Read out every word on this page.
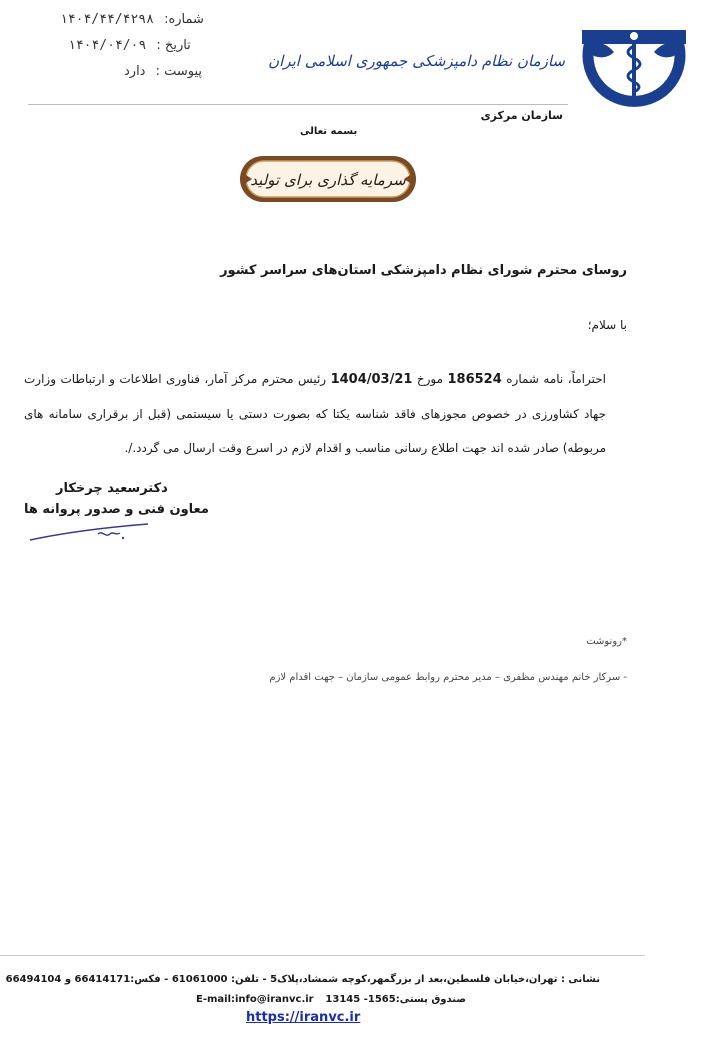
شماره: ۱۴۰۴/۴۴/۴۲۹۸
تاریخ : ۱۴۰۴/۰۴/۰۹
پیوست : دارد
سازمان نظام دامپزشکی جمهوری اسلامی ایران
سازمان مرکزی
بسمه تعالی
سرمایه گذاری برای تولید
روسای محترم شورای نظام دامپزشکی استان‌های سراسر کشور
با سلام؛
احتراماً، نامه شماره 186524 مورخ 1404/03/21 رئیس محترم مرکز آمار، فناوری اطلاعات و ارتباطات وزارت جهاد کشاورزی در خصوص مجوزهای فاقد شناسه یکتا که بصورت دستی یا سیستمی (قبل از برقراری سامانه های مربوطه) صادر شده اند جهت اطلاع رسانی مناسب و اقدام لازم در اسرع وقت ارسال می گردد./.
دکترسعید چرخکار
معاون فنی و صدور پروانه ها
*رونوشت
- سرکار خانم مهندس مظفری – مدیر محترم روابط عمومی سازمان – جهت اقدام لازم
نشانی : تهران،خیابان فلسطین،بعد از بزرگمهر،کوچه شمشاد،پلاک5 - تلفن: 61061000 - فکس:66414171 و 66494104
صندوق پستی:1565- 13145
E-mail:info@iranvc.ir
https://iranvc.ir
